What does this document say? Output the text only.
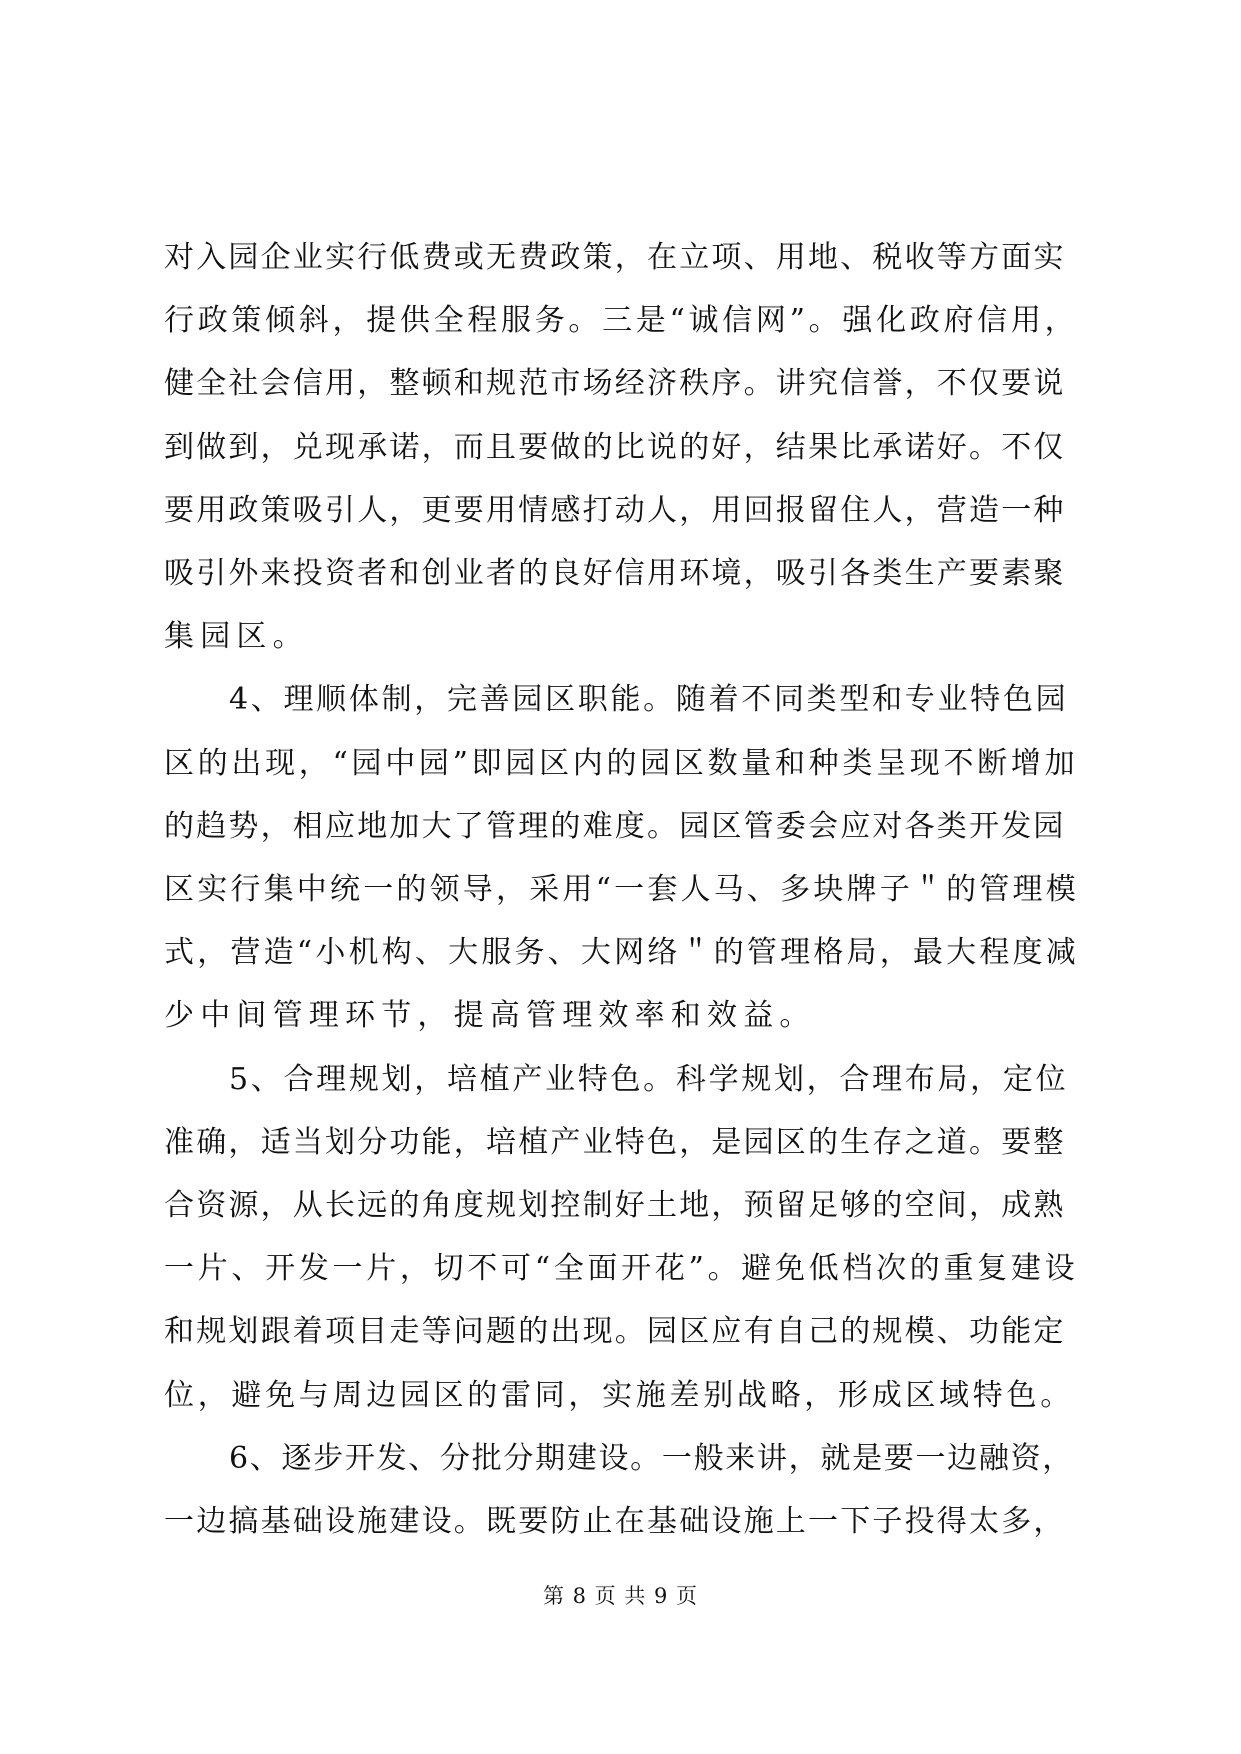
对入园企业实行低费或无费政策，在立项、用地、税收等方面实
行政策倾斜，提供全程服务。三是“诚信网”。强化政府信用，
健全社会信用，整顿和规范市场经济秩序。讲究信誉，不仅要说
到做到，兑现承诺，而且要做的比说的好，结果比承诺好。不仅
要用政策吸引人，更要用情感打动人，用回报留住人，营造一种
吸引外来投资者和创业者的良好信用环境，吸引各类生产要素聚
集园区。
4、理顺体制，完善园区职能。随着不同类型和专业特色园
区的出现，“园中园”即园区内的园区数量和种类呈现不断增加
的趋势，相应地加大了管理的难度。园区管委会应对各类开发园
区实行集中统一的领导，采用“一套人马、多块牌子＂的管理模
式，营造“小机构、大服务、大网络＂的管理格局，最大程度减
少中间管理环节，提高管理效率和效益。
5、合理规划，培植产业特色。科学规划，合理布局，定位
准确，适当划分功能，培植产业特色，是园区的生存之道。要整
合资源，从长远的角度规划控制好土地，预留足够的空间，成熟
一片、开发一片，切不可“全面开花”。避免低档次的重复建设
和规划跟着项目走等问题的出现。园区应有自己的规模、功能定
位，避免与周边园区的雷同，实施差别战略，形成区域特色。
6、逐步开发、分批分期建设。一般来讲，就是要一边融资，
一边搞基础设施建设。既要防止在基础设施上一下子投得太多，
第 8 页 共 9 页
